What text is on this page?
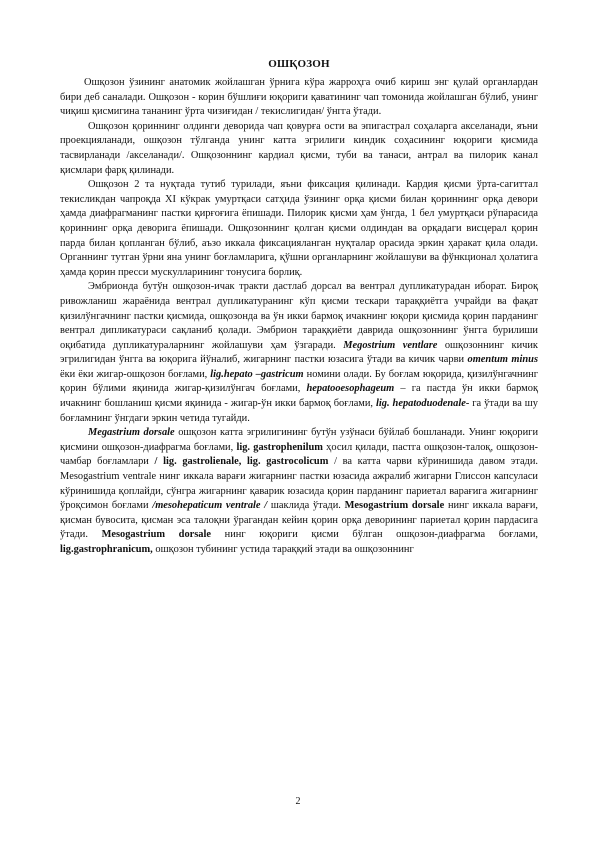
ОШҚОЗОН

Ошқозон ўзининг анатомик жойлашган ўрнига кўра жарроҳга очиб кириш энг қулай органлардан бири деб саналади. Ошқозон - корин бўшлиғи юқориги қаватининг чап томонида жойлашган бўлиб, унинг чиқиш қисмигина тананинг ўрта чизиғидан / текислигидан/ ўнгга ўтади.

Ошқозон қориннинг олдинги деворида чап қовурға ости ва эпигастрал соҳаларга акселанади, яъни проекцияланади, ошқозон тўлганда унинг катта эгрилиги киндик соҳасининг юқориги қисмида тасвирланади /акселанади/. Ошқозоннинг кардиал қисми, туби ва танаси, антрал ва пилорик канал қисмлари фарқ қилинади.

Ошқозон 2 та нуқтада тутиб турилади, яъни фиксация қилинади. Кардия қисми ўрта-сагиттал текисликдан чапроқда XI кўкрак умуртқаси сатҳида ўзининг орқа қисми билан қориннинг орқа девори ҳамда диафрагманинг пастки қирғоғига ёпишади. Пилорик қисми ҳам ўнгда, 1 бел умуртқаси рўпарасида қориннинг орқа деворига ёпишади. Ошқозоннинг қолган қисми олдиндан ва орқадаги висцерал қорин парда билан қопланган бўлиб, аъзо иккала фиксацияланган нуқталар орасида эркин ҳаракат қила олади. Органнинг тутган ўрни яна унинг боғламларига, қўшни органларнинг жойлашуви ва фўнкционал ҳолатига ҳамда қорин пресси мускулларининг тонусига борлиқ.

Эмбрионда бутўн ошқозон-ичак тракти дастлаб дорсал ва вентрал дупликатурадан иборат. Бироқ ривожланиш жараёнида вентрал дупликатуранинг кўп қисми тескари тараққиётга учрайди ва фақат қизилўнгачнинг пастки қисмида, ошқозонда ва ўн икки бармоқ ичакнинг юқори қисмида қорин парданинг вентрал дипликатураси сақланиб қолади. Эмбрион тараққиёти даврида ошқозоннинг ўнгга бурилиши оқибатида дупликатураларнинг жойлашуви ҳам ўзгаради. Megostrium ventlare ошқозоннинг кичик эгрилигидан ўнгга ва юқорига йўналиб, жигарнинг пастки юзасига ўтади ва кичик чарви omentum minus ёки ёки жигар-ошқозон боғлами, lig.hepato –gastricum номини олади. Бу боғлам юқорида, қизилўнгачнинг қорин бўлими яқинида жигар-қизилўнгач боғлами, hepatooesophageum – га пастда ўн икки бармоқ ичакнинг бошланиш қисми яқинида - жигар-ўн икки бармоқ боғлами, lig. hepatoduodenale- га ўтади ва шу боғламнинг ўнгдаги эркин четида тугайди.

Megastrium dorsale ошқозон катта эгрилигининг бутўн узўнаси бўйлаб бошланади. Унинг юқориги қисмини ошқозон-диафрагма боғлами, lig. gastrophenilum ҳосил қилади, пастга ошқозон-талоқ, ошқозон-чамбар боғламлари / lig. gastrolienale, lig. gastrocolicum / ва катта чарви кўринишида давом этади. Mesogastrium ventrale нинг иккала варағи жигарнинг пастки юзасида ажралиб жигарни Глиссон капсуласи кўринишида қоплайди, сўнгра жигарнинг қаварик юзасида қорин парданинг париетал варағига жигарнинг ўроқсимон боғлами /mesohepaticum ventrale / шаклида ўтади. Mesogastrium dorsale нинг иккала варағи, қисман бувосита, қисман эса талоқни ўрагандан кейин қорин орқа деворининг париетал қорин пардасига ўтади. Mesogastrium dorsale нинг юқориги қисми бўлган ошқозон-диафрагма боғлами, lig.gastrophranicum, ошқозон тубининг устида тараққий этади ва ошқозоннинг

2
